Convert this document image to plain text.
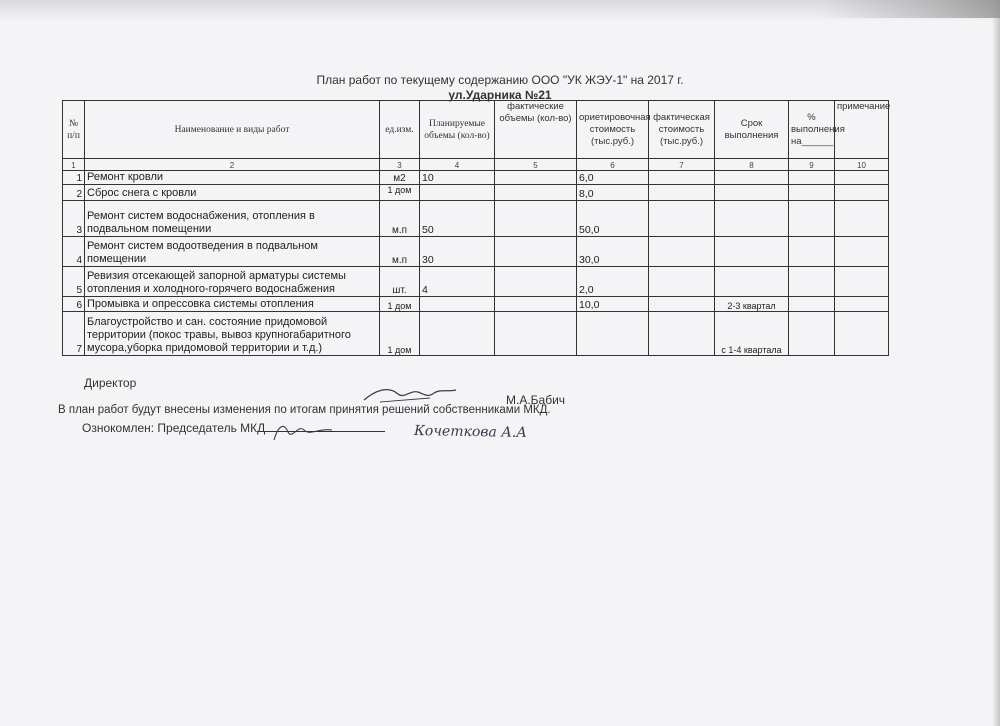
План работ по текущему содержанию ООО "УК ЖЭУ-1" на 2017 г.
ул.Ударника №21
№ п/п	Наименование и виды работ	ед.изм.	Планируемые объемы (кол-во)	фактические объемы (кол-во)	ориетировочная стоимость (тыс.руб.)	фактическая стоимость (тыс.руб.)	Срок выполнения	% выполнения на______	примечание
1	2	3	4	5	6	7	8	9	10
1	Ремонт кровли	м2	10		6,0				
2	Сброс снега с кровли	1 дом			8,0				
3	Ремонт систем водоснабжения, отопления в подвальном помещении	м.п	50		50,0				
4	Ремонт систем водоотведения в подвальном помещении	м.п	30		30,0				
5	Ревизия отсекающей запорной арматуры системы отопления и холодного-горячего водоснабжения	шт.	4		2,0				
6	Промывка и опрессовка системы отопления	1 дом			10,0		2-3 квартал		
7	Благоустройство и сан. состояние придомовой территории (покос травы, вывоз крупногабаритного мусора,уборка придомовой территории и т.д.)	1 дом					с 1-4 квартала		
Директор
М.А.Бабич
В план работ будут внесены изменения по итогам принятия решений собственниками МКД.
Ознокомлен: Председатель МКД	Кочеткова А.А
